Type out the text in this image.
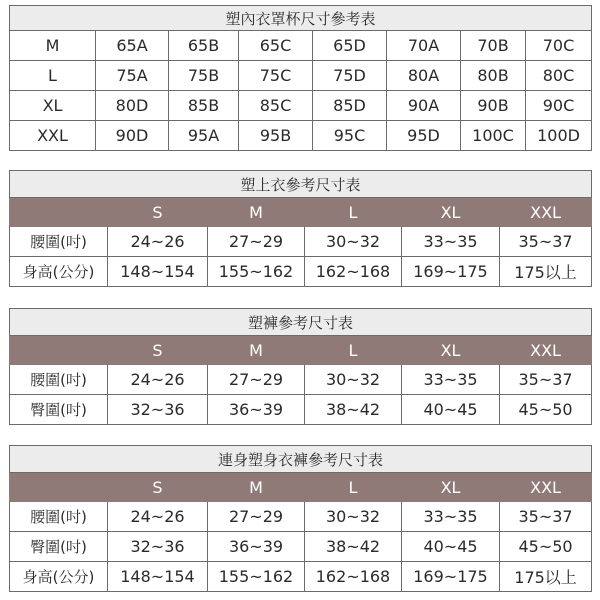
塑內衣罩杯尺寸參考表							
M	65A	65B	65C	65D	70A	70B	70C
L	75A	75B	75C	75D	80A	80B	80C
XL	80D	85B	85C	85D	90A	90B	90C
XXL	90D	95A	95B	95C	95D	100C	100D
塑上衣參考尺寸表					
	S	M	L	XL	XXL
腰圍(吋)	24~26	27~29	30~32	33~35	35~37
身高(公分)	148~154	155~162	162~168	169~175	175以上
塑褲參考尺寸表					
	S	M	L	XL	XXL
腰圍(吋)	24~26	27~29	30~32	33~35	35~37
臀圍(吋)	32~36	36~39	38~42	40~45	45~50
連身塑身衣褲參考尺寸表					
	S	M	L	XL	XXL
腰圍(吋)	24~26	27~29	30~32	33~35	35~37
臀圍(吋)	32~36	36~39	38~42	40~45	45~50
身高(公分)	148~154	155~162	162~168	169~175	175以上
